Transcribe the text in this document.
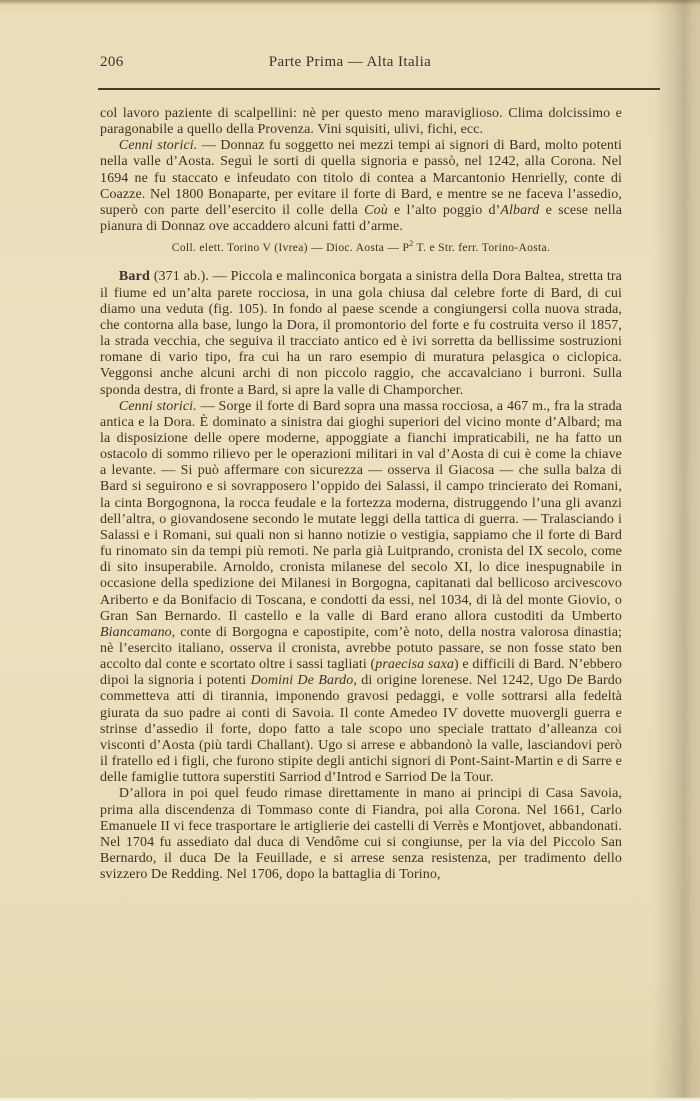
206	Parte Prima — Alta Italia

col lavoro paziente di scalpellini: nè per questo meno maraviglioso. Clima dolcissimo e paragonabile a quello della Provenza. Vini squisiti, ulivi, fichi, ecc.

Cenni storici. — Donnaz fu soggetto nei mezzi tempi ai signori di Bard, molto potenti nella valle d’Aosta. Seguì le sorti di quella signoria e passò, nel 1242, alla Corona. Nel 1694 ne fu staccato e infeudato con titolo di contea a Marcantonio Henrielly, conte di Coazze. Nel 1800 Bonaparte, per evitare il forte di Bard, e mentre se ne faceva l’assedio, superò con parte dell’esercito il colle della Coù e l’alto poggio d’Albard e scese nella pianura di Donnaz ove accaddero alcuni fatti d’arme.

Coll. elett. Torino V (Ivrea) — Dioc. Aosta — $P^2$ T. e Str. ferr. Torino-Aosta.

Bard (371 ab.). — Piccola e malinconica borgata a sinistra della Dora Baltea, stretta tra il fiume ed un’alta parete rocciosa, in una gola chiusa dal celebre forte di Bard, di cui diamo una veduta (fig. 105). In fondo al paese scende a congiungersi colla nuova strada, che contorna alla base, lungo la Dora, il promontorio del forte e fu costruita verso il 1857, la strada vecchia, che seguiva il tracciato antico ed è ivi sorretta da bellissime sostruzioni romane di vario tipo, fra cui ha un raro esempio di muratura pelasgica o ciclopica. Veggonsi anche alcuni archi di non piccolo raggio, che accavalciano i burroni. Sulla sponda destra, di fronte a Bard, si apre la valle di Champorcher.

Cenni storici. — Sorge il forte di Bard sopra una massa rocciosa, a 467 m., fra la strada antica e la Dora. È dominato a sinistra dai gioghi superiori del vicino monte d’Albard; ma la disposizione delle opere moderne, appoggiate a fianchi impraticabili, ne ha fatto un ostacolo di sommo rilievo per le operazioni militari in val d’Aosta di cui è come la chiave a levante. — Si può affermare con sicurezza — osserva il Giacosa — che sulla balza di Bard si seguirono e si sovrapposero l’oppido dei Salassi, il campo trincierato dei Romani, la cinta Borgognona, la rocca feudale e la fortezza moderna, distruggendo l’una gli avanzi dell’altra, o giovandosene secondo le mutate leggi della tattica di guerra. — Tralasciando i Salassi e i Romani, sui quali non si hanno notizie o vestigia, sappiamo che il forte di Bard fu rinomato sin da tempi più remoti. Ne parla già Luitprando, cronista del IX secolo, come di sito insuperabile. Arnoldo, cronista milanese del secolo XI, lo dice inespugnabile in occasione della spedizione dei Milanesi in Borgogna, capitanati dal bellicoso arcivescovo Ariberto e da Bonifacio di Toscana, e condotti da essi, nel 1034, di là del monte Giovio, o Gran San Bernardo. Il castello e la valle di Bard erano allora custoditi da Umberto Biancamano, conte di Borgogna e capostipite, com’è noto, della nostra valorosa dinastia; nè l’esercito italiano, osserva il cronista, avrebbe potuto passare, se non fosse stato ben accolto dal conte e scortato oltre i sassi tagliati (praecisa saxa) e difficili di Bard. N’ebbero dipoi la signoria i potenti Domini De Bardo, di origine lorenese. Nel 1242, Ugo De Bardo commetteva atti di tirannia, imponendo gravosi pedaggi, e volle sottrarsi alla fedeltà giurata da suo padre ai conti di Savoia. Il conte Amedeo IV dovette muovergli guerra e strinse d’assedio il forte, dopo fatto a tale scopo uno speciale trattato d’alleanza coi visconti d’Aosta (più tardi Challant). Ugo si arrese e abbandonò la valle, lasciandovi però il fratello ed i figli, che furono stipite degli antichi signori di Pont-Saint-Martin e di Sarre e delle famiglie tuttora superstiti Sarriod d’Introd e Sarriod De la Tour.

D’allora in poi quel feudo rimase direttamente in mano ai principi di Casa Savoia, prima alla discendenza di Tommaso conte di Fiandra, poi alla Corona. Nel 1661, Carlo Emanuele II vi fece trasportare le artiglierie dei castelli di Verrès e Montjovet, abbandonati. Nel 1704 fu assediato dal duca di Vendôme cui si congiunse, per la via del Piccolo San Bernardo, il duca De la Feuillade, e si arrese senza resistenza, per tradimento dello svizzero De Redding. Nel 1706, dopo la battaglia di Torino,
